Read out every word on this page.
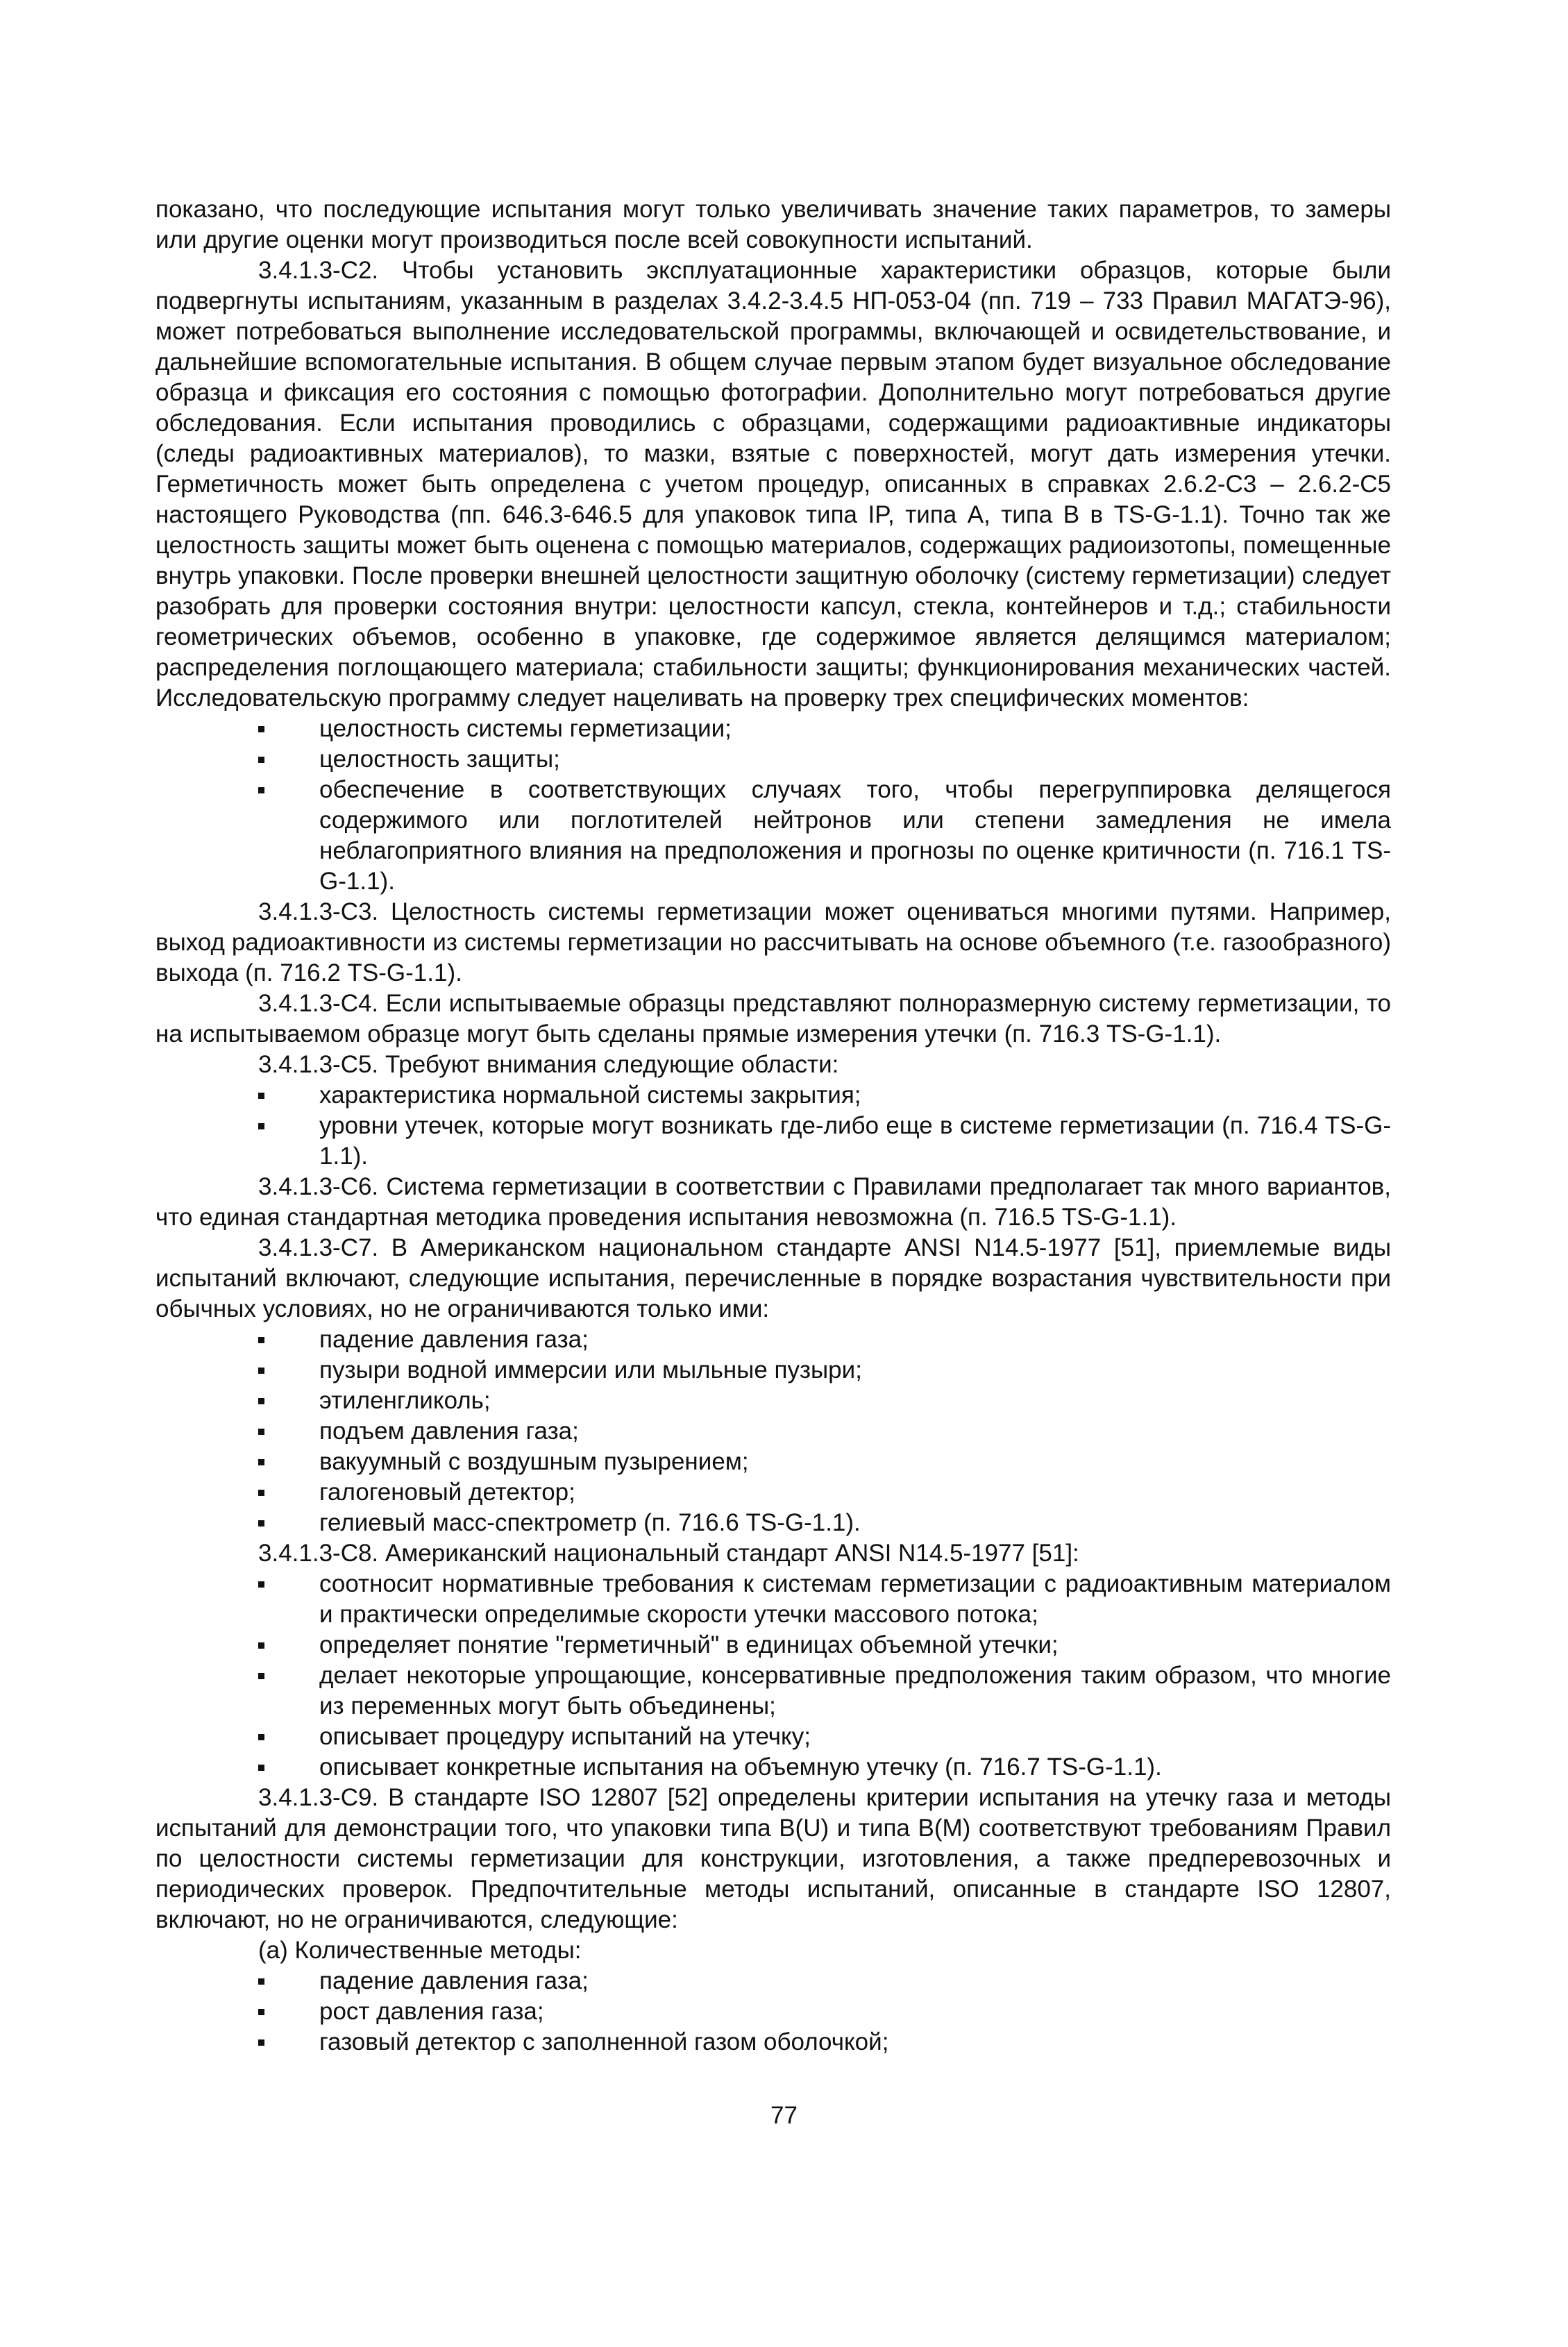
показано, что последующие испытания могут только увеличивать значение таких параметров, то замеры или другие оценки могут производиться после всей совокупности испытаний.

3.4.1.3-С2. Чтобы установить эксплуатационные характеристики образцов, которые были подвергнуты испытаниям, указанным в разделах 3.4.2-3.4.5 НП-053-04 (пп. 719 – 733 Правил МАГАТЭ-96), может потребоваться выполнение исследовательской программы, включающей и освидетельствование, и дальнейшие вспомогательные испытания. В общем случае первым этапом будет визуальное обследование образца и фиксация его состояния с помощью фотографии. Дополнительно могут потребоваться другие обследования. Если испытания проводились с образцами, содержащими радиоактивные индикаторы (следы радиоактивных материалов), то мазки, взятые с поверхностей, могут дать измерения утечки. Герметичность может быть определена с учетом процедур, описанных в справках 2.6.2-С3 – 2.6.2-С5 настоящего Руководства (пп. 646.3-646.5 для упаковок типа IP, типа А, типа В в TS-G-1.1). Точно так же целостность защиты может быть оценена с помощью материалов, содержащих радиоизотопы, помещенные внутрь упаковки. После проверки внешней целостности защитную оболочку (систему герметизации) следует разобрать для проверки состояния внутри: целостности капсул, стекла, контейнеров и т.д.; стабильности геометрических объемов, особенно в упаковке, где содержимое является делящимся материалом; распределения поглощающего материала; стабильности защиты; функционирования механических частей. Исследовательскую программу следует нацеливать на проверку трех специфических моментов:

целостность системы герметизации;
целостность защиты;
обеспечение в соответствующих случаях того, чтобы перегруппировка делящегося содержимого или поглотителей нейтронов или степени замедления не имела неблагоприятного влияния на предположения и прогнозы по оценке критичности (п. 716.1 TS-G-1.1).

3.4.1.3-С3. Целостность системы герметизации может оцениваться многими путями. Например, выход радиоактивности из системы герметизации но рассчитывать на основе объемного (т.е. газообразного) выхода (п. 716.2 TS-G-1.1).

3.4.1.3-С4. Если испытываемые образцы представляют полноразмерную систему герметизации, то на испытываемом образце могут быть сделаны прямые измерения утечки (п. 716.3 TS-G-1.1).

3.4.1.3-С5. Требуют внимания следующие области:

характеристика нормальной системы закрытия;
уровни утечек, которые могут возникать где-либо еще в системе герметизации (п. 716.4 TS-G-1.1).

3.4.1.3-С6. Система герметизации в соответствии с Правилами предполагает так много вариантов, что единая стандартная методика проведения испытания невозможна (п. 716.5 TS-G-1.1).

3.4.1.3-С7. В Американском национальном стандарте ANSI N14.5-1977 [51], приемлемые виды испытаний включают, следующие испытания, перечисленные в порядке возрастания чувствительности при обычных условиях, но не ограничиваются только ими:

падение давления газа;
пузыри водной иммерсии или мыльные пузыри;
этиленгликоль;
подъем давления газа;
вакуумный с воздушным пузырением;
галогеновый детектор;
гелиевый масс-спектрометр (п. 716.6 TS-G-1.1).

3.4.1.3-С8. Американский национальный стандарт ANSI N14.5-1977 [51]:

соотносит нормативные требования к системам герметизации с радиоактивным материалом и практически определимые скорости утечки массового потока;
определяет понятие "герметичный" в единицах объемной утечки;
делает некоторые упрощающие, консервативные предположения таким образом, что многие из переменных могут быть объединены;
описывает процедуру испытаний на утечку;
описывает конкретные испытания на объемную утечку (п. 716.7 TS-G-1.1).

3.4.1.3-С9. В стандарте ISO 12807 [52] определены критерии испытания на утечку газа и методы испытаний для демонстрации того, что упаковки типа B(U) и типа B(M) соответствуют требованиям Правил по целостности системы герметизации для конструкции, изготовления, а также предперевозочных и периодических проверок. Предпочтительные методы испытаний, описанные в стандарте ISO 12807, включают, но не ограничиваются, следующие:

(а) Количественные методы:

падение давления газа;
рост давления газа;
газовый детектор с заполненной газом оболочкой;
77
